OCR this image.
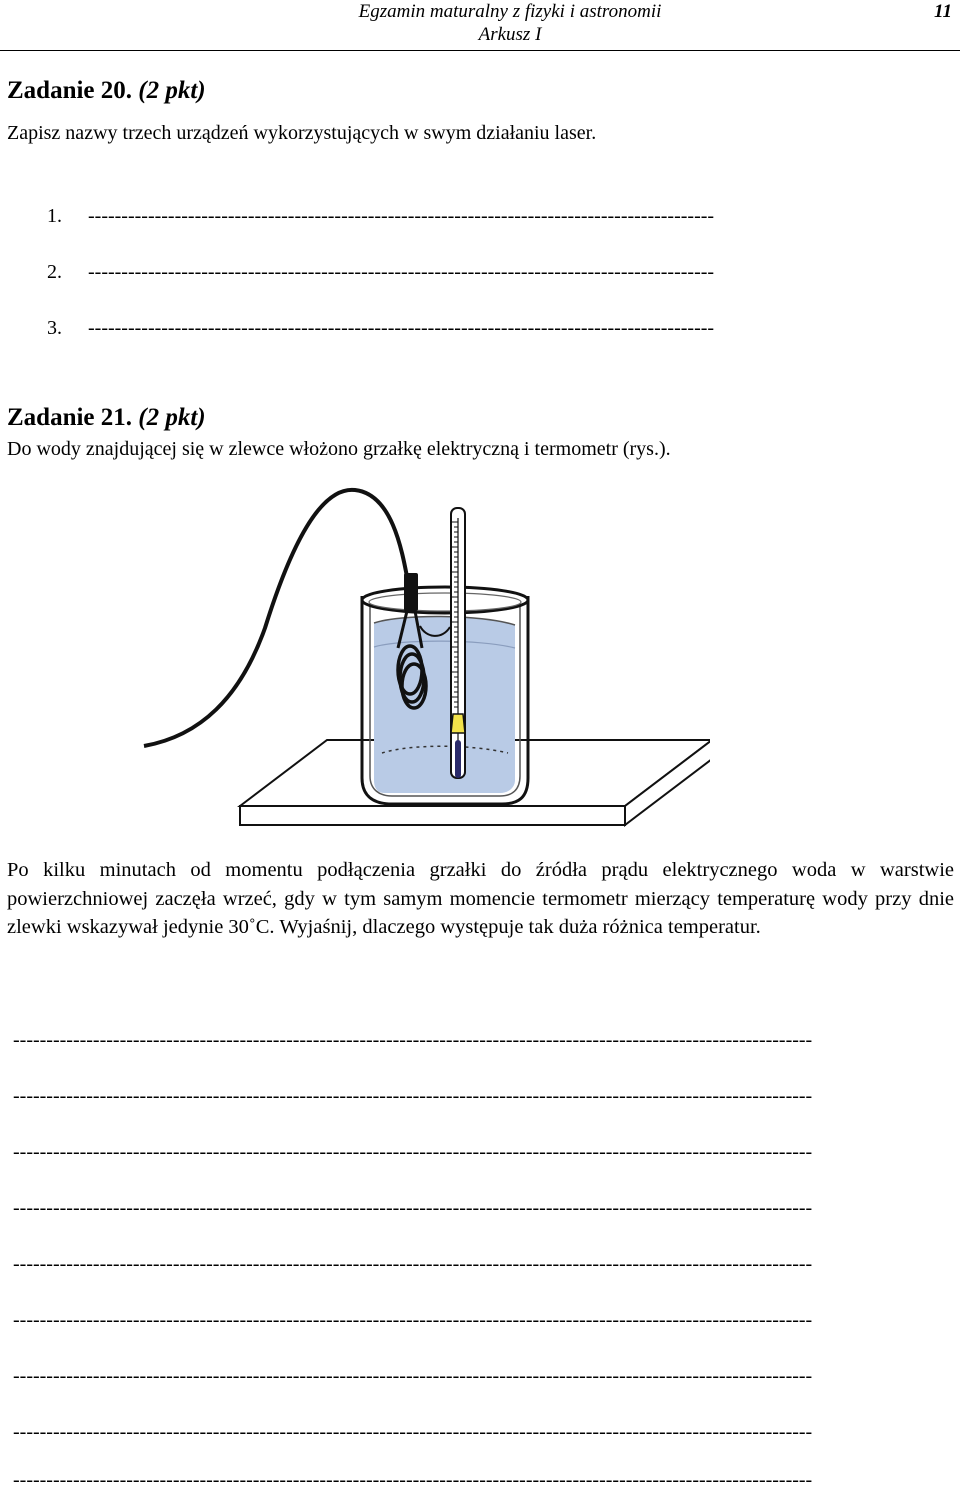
Egzamin maturalny z fizyki i astronomii
Arkusz I
11
Zadanie 20. (2 pkt)
Zapisz nazwy trzech urządzeń wykorzystujących w swym działaniu laser.
1. ----------------------------------------------------------------------------------------------
2. ----------------------------------------------------------------------------------------------
3. ----------------------------------------------------------------------------------------------
Zadanie 21. (2 pkt)
Do wody znajdującej się w zlewce włożono grzałkę elektryczną i termometr (rys.).
Po kilku minutach od momentu podłączenia grzałki do źródła prądu elektrycznego woda w warstwie powierzchniowej zaczęła wrzeć, gdy w tym samym momencie termometr mierzący temperaturę wody przy dnie zlewki wskazywał jedynie 30˚C. Wyjaśnij, dlaczego występuje tak duża różnica temperatur.
------------------------------------------------------------------------------------------------------------------------
------------------------------------------------------------------------------------------------------------------------
------------------------------------------------------------------------------------------------------------------------
------------------------------------------------------------------------------------------------------------------------
------------------------------------------------------------------------------------------------------------------------
------------------------------------------------------------------------------------------------------------------------
------------------------------------------------------------------------------------------------------------------------
------------------------------------------------------------------------------------------------------------------------
------------------------------------------------------------------------------------------------------------------------
